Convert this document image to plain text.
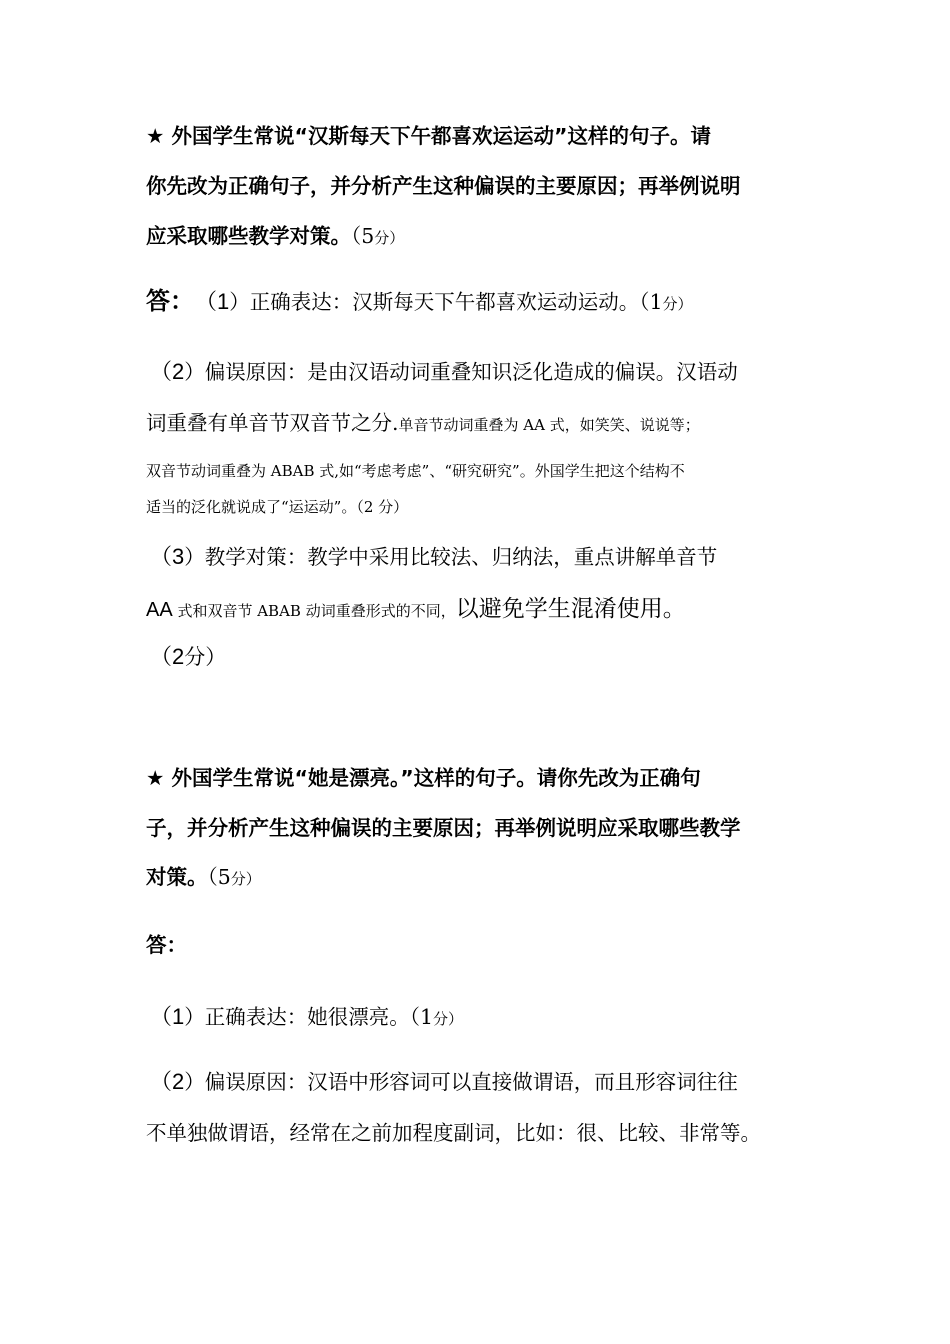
★ 外国学生常说“汉斯每天下午都喜欢运运动”这样的句子。请
你先改为正确句子，并分析产生这种偏误的主要原因；再举例说明
应采取哪些教学对策。（5分）
答： （1）正确表达：汉斯每天下午都喜欢运动运动。（1分）
（2）偏误原因：是由汉语动词重叠知识泛化造成的偏误。汉语动
词重叠有单音节双音节之分.单音节动词重叠为 AA 式，如笑笑、说说等；
双音节动词重叠为 ABAB 式,如“考虑考虑”、“研究研究”。外国学生把这个结构不
适当的泛化就说成了“运运动”。（2 分）
（3）教学对策：教学中采用比较法、归纳法，重点讲解单音节
AA 式和双音节 ABAB 动词重叠形式的不同，以避免学生混淆使用。
（2分）
★ 外国学生常说“她是漂亮。”这样的句子。请你先改为正确句
子，并分析产生这种偏误的主要原因；再举例说明应采取哪些教学
对策。（5分）
答：
（1）正确表达：她很漂亮。（1分）
（2）偏误原因：汉语中形容词可以直接做谓语，而且形容词往往
不单独做谓语，经常在之前加程度副词，比如：很、比较、非常等。
